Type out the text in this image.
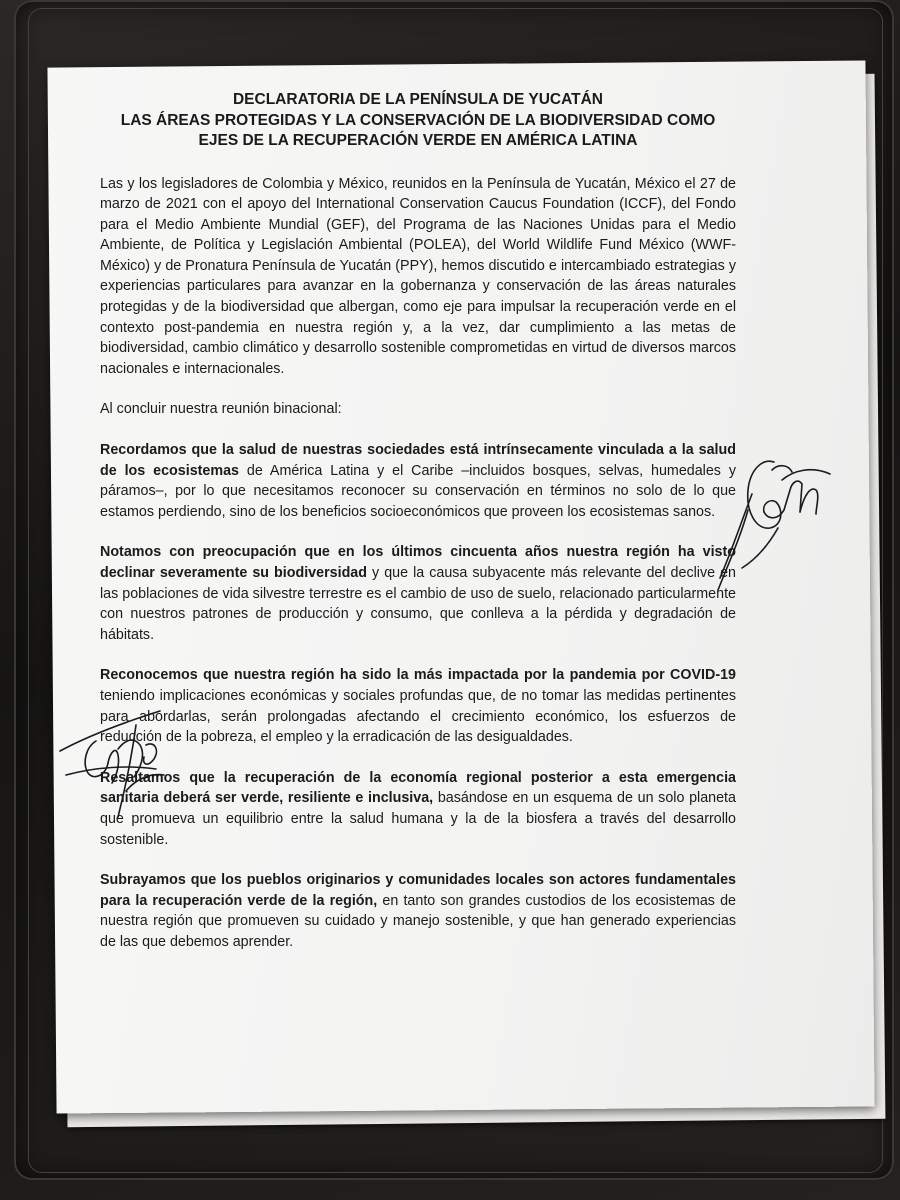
DECLARATORIA DE LA PENÍNSULA DE YUCATÁN
LAS ÁREAS PROTEGIDAS Y LA CONSERVACIÓN DE LA BIODIVERSIDAD COMO
EJES DE LA RECUPERACIÓN VERDE EN AMÉRICA LATINA

Las y los legisladores de Colombia y México, reunidos en la Península de Yucatán, México el 27 de marzo de 2021 con el apoyo del International Conservation Caucus Foundation (ICCF), del Fondo para el Medio Ambiente Mundial (GEF), del Programa de las Naciones Unidas para el Medio Ambiente, de Política y Legislación Ambiental (POLEA), del World Wildlife Fund México (WWF-México) y de Pronatura Península de Yucatán (PPY), hemos discutido e intercambiado estrategias y experiencias particulares para avanzar en la gobernanza y conservación de las áreas naturales protegidas y de la biodiversidad que albergan, como eje para impulsar la recuperación verde en el contexto post-pandemia en nuestra región y, a la vez, dar cumplimiento a las metas de biodiversidad, cambio climático y desarrollo sostenible comprometidas en virtud de diversos marcos nacionales e internacionales.

Al concluir nuestra reunión binacional:

Recordamos que la salud de nuestras sociedades está intrínsecamente vinculada a la salud de los ecosistemas de América Latina y el Caribe –incluidos bosques, selvas, humedales y páramos–, por lo que necesitamos reconocer su conservación en términos no solo de lo que estamos perdiendo, sino de los beneficios socioeconómicos que proveen los ecosistemas sanos.

Notamos con preocupación que en los últimos cincuenta años nuestra región ha visto declinar severamente su biodiversidad y que la causa subyacente más relevante del declive en las poblaciones de vida silvestre terrestre es el cambio de uso de suelo, relacionado particularmente con nuestros patrones de producción y consumo, que conlleva a la pérdida y degradación de hábitats.

Reconocemos que nuestra región ha sido la más impactada por la pandemia por COVID-19 teniendo implicaciones económicas y sociales profundas que, de no tomar las medidas pertinentes para abordarlas, serán prolongadas afectando el crecimiento económico, los esfuerzos de reducción de la pobreza, el empleo y la erradicación de las desigualdades.

Resaltamos que la recuperación de la economía regional posterior a esta emergencia sanitaria deberá ser verde, resiliente e inclusiva, basándose en un esquema de un solo planeta que promueva un equilibrio entre la salud humana y la de la biosfera a través del desarrollo sostenible.

Subrayamos que los pueblos originarios y comunidades locales son actores fundamentales para la recuperación verde de la región, en tanto son grandes custodios de los ecosistemas de nuestra región que promueven su cuidado y manejo sostenible, y que han generado experiencias de las que debemos aprender.
